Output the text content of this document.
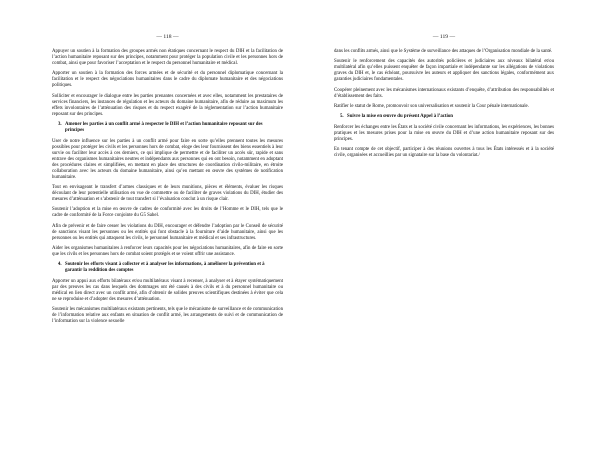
— 118 —

Appuyer un soutien à la formation des groupes armés non étatiques concernant le respect du DIH et la facilitation de l’action humanitaire reposant sur des principes, notamment pour protéger la population civile et les personnes hors de combat, ainsi que pour favoriser l’acceptation et le respect du personnel humanitaire et médical.

Apporter un soutien à la formation des forces armées et de sécurité et du personnel diplomatique concernant la facilitation et le respect des négociations humanitaires dans le cadre du diplomate humanitaire et des négociations politiques.

Solliciter et encourager le dialogue entre les parties prenantes concernées et avec elles, notamment les prestataires de services financiers, les instances de régulation et les acteurs du domaine humanitaire, afin de réduire au maximum les effets involontaires de l’atténuation des risques et du respect exagéré de la réglementation sur l’action humanitaire reposant sur des principes.

3. Amener les parties à un conflit armé à respecter le DIH et l’action humanitaire reposant sur des principes

User de notre influence sur les parties à un conflit armé pour faire en sorte qu’elles prennent toutes les mesures possibles pour protéger les civils et les personnes hors de combat, eloge des leur fournissent des biens essentiels à leur survie ou faciliter leur accès à ces derniers, ce qui implique de permettre et de faciliter un accès sûr, rapide et sans entrave des organismes humanitaires neutres et indépendants aux personnes qui en ont besoin, notamment en adoptant des procédures claires et simplifiées, en mettant en place des structures de coordination civilo-militaire, en étroite collaboration avec les acteurs du domaine humanitaire, ainsi qu’en mettant en œuvre des systèmes de notification humanitaire.

Tout en envisageant le transfert d’armes classiques et de leurs munitions, pièces et éléments, évaluer les risques découlant de leur potentielle utilisation en vue de commettre ou de faciliter de graves violations du DIH, étudier des mesures d’atténuation et s’abstenir de tout transfert si l’évaluation conclut à un risque clair.

Soutenir l’adoption et la mise en œuvre de cadres de conformité avec les droits de l’Homme et le DIH, tels que le cadre de conformité de la Force conjointe du G5 Sahel.

Afin de prévenir et de faire cesser les violations du DIH, encourager et défendre l’adoption par le Conseil de sécurité de sanctions visant les personnes ou les entités qui font obstacle à la fourniture d’aide humanitaire, ainsi que les personnes ou les entités qui attaquent les civils, le personnel humanitaire et médical et ses infrastructures.

Aider les organismes humanitaires à renforcer leurs capacités pour les négociations humanitaires, afin de faire en sorte que les civils et les personnes hors de combat soient protégés et se voient offrir une assistance.

4. Soutenir les efforts visant à collecter et à analyser les informations, à améliorer la prévention et à garantir la reddition des comptes

Apporter un appui aux efforts bilatéraux et/ou multilatéraux visant à recenser, à analyser et à étayer systématiquement par des preuves les cas dans lesquels des dommages ont été causés à des civils et à du personnel humanitaire ou médical en lien direct avec un conflit armé, afin d’obtenir de solides preuves scientifiques destinées à éviter que cela ne se reproduise et d’adopter des mesures d’atténuation.

Soutenir les mécanismes multilatéraux existants pertinents, tels que le mécanisme de surveillance et de communication de l’information relative aux enfants en situation de conflit armé, les arrangements de suivi et de communication de l’information sur la violence sexuelle

— 119 —

dans les conflits armés, ainsi que le Système de surveillance des attaques de l’Organisation mondiale de la santé.

Soutenir le renforcement des capacités des autorités policières et judiciaires aux niveaux bilatéral et/ou multilatéral afin qu’elles puissent enquêter de façon impartiale et indépendante sur les allégations de violations graves du DIH et, le cas échéant, poursuivre les auteurs et appliquer des sanctions légales, conformément aux garanties judiciaires fondamentales.

Coopérer pleinement avec les mécanismes internationaux existants d’enquête, d’attribution des responsabilités et d’établissement des faits.

Ratifier le statut de Rome, promouvoir son universalisation et soutenir la Cour pénale internationale.

5. Suivre la mise en œuvre du présent Appel à l’action

Renforcer les échanges entre les États et la société civile concernant les informations, les expériences, les bonnes pratiques et les mesures prises pour la mise en œuvre du DIH et d’une action humanitaire reposant sur des principes.

En tenant compte de cet objectif, participer à des réunions ouvertes à tous les États intéressés et à la société civile, organisées et accueillies par un signataire sur la base du volontariat./
